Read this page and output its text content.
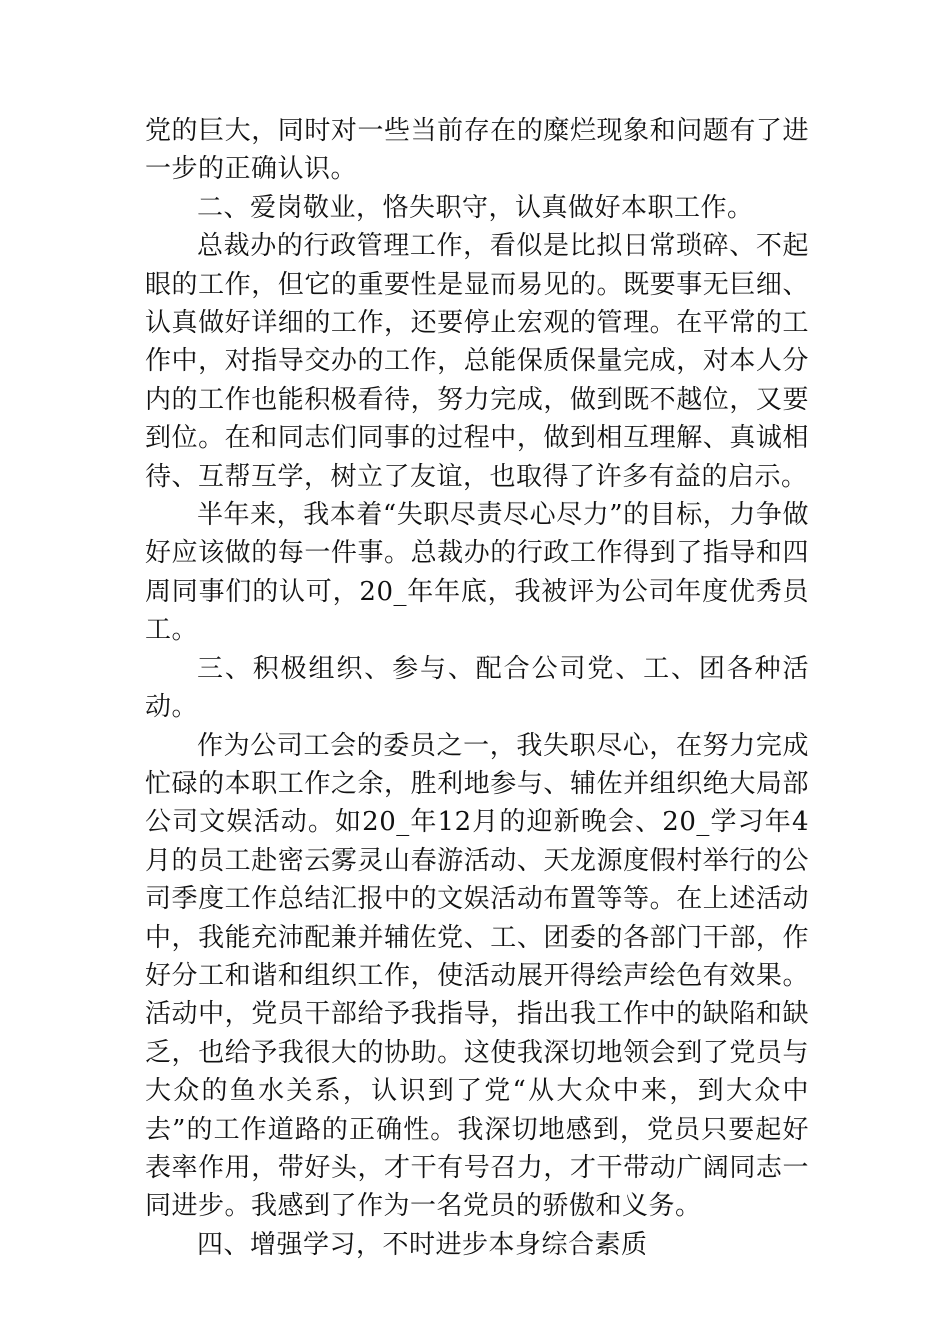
党的巨大，同时对一些当前存在的糜烂现象和问题有了进一步的正确认识。

二、爱岗敬业，恪失职守，认真做好本职工作。

总裁办的行政管理工作，看似是比拟日常琐碎、不起眼的工作，但它的重要性是显而易见的。既要事无巨细、认真做好详细的工作，还要停止宏观的管理。在平常的工作中，对指导交办的工作，总能保质保量完成，对本人分内的工作也能积极看待，努力完成，做到既不越位，又要到位。在和同志们同事的过程中，做到相互理解、真诚相待、互帮互学，树立了友谊，也取得了许多有益的启示。

半年来，我本着“失职尽责尽心尽力”的目标，力争做好应该做的每一件事。总裁办的行政工作得到了指导和四周同事们的认可，20_年年底，我被评为公司年度优秀员工。

三、积极组织、参与、配合公司党、工、团各种活动。

作为公司工会的委员之一，我失职尽心，在努力完成忙碌的本职工作之余，胜利地参与、辅佐并组织绝大局部公司文娱活动。如20_年12月的迎新晚会、20_学习年4月的员工赴密云雾灵山春游活动、天龙源度假村举行的公司季度工作总结汇报中的文娱活动布置等等。在上述活动中，我能充沛配兼并辅佐党、工、团委的各部门干部，作好分工和谐和组织工作，使活动展开得绘声绘色有效果。活动中，党员干部给予我指导，指出我工作中的缺陷和缺乏，也给予我很大的协助。这使我深切地领会到了党员与大众的鱼水关系，认识到了党“从大众中来，到大众中去”的工作道路的正确性。我深切地感到，党员只要起好表率作用，带好头，才干有号召力，才干带动广阔同志一同进步。我感到了作为一名党员的骄傲和义务。

四、增强学习，不时进步本身综合素质
